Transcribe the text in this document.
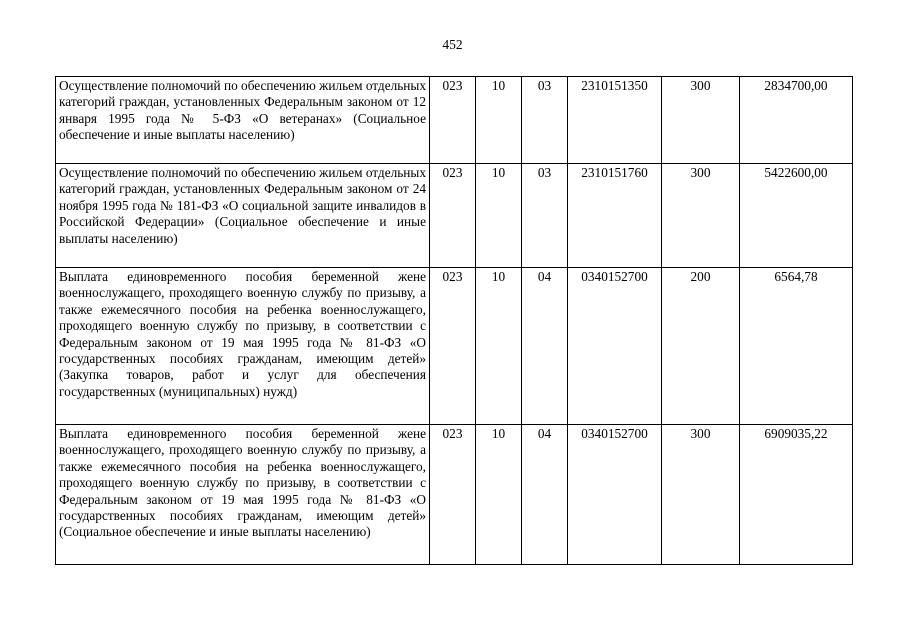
452
Осуществление полномочий по обеспечению жильем отдельных категорий граждан, установленных Федеральным законом от 12 января 1995 года № 5-ФЗ «О ветеранах» (Социальное обеспечение и иные выплаты населению)	023	10	03	2310151350	300	2834700,00
Осуществление полномочий по обеспечению жильем отдельных категорий граждан, установленных Федеральным законом от 24 ноября 1995 года № 181-ФЗ «О социальной защите инвалидов в Российской Федерации» (Социальное обеспечение и иные выплаты населению)	023	10	03	2310151760	300	5422600,00
Выплата единовременного пособия беременной жене военнослужащего, проходящего военную службу по призыву, а также ежемесячного пособия на ребенка военнослужащего, проходящего военную службу по призыву, в соответствии с Федеральным законом от 19 мая 1995 года № 81-ФЗ «О государственных пособиях гражданам, имеющим детей» (Закупка товаров, работ и услуг для обеспечения государственных (муниципальных) нужд)	023	10	04	0340152700	200	6564,78
Выплата единовременного пособия беременной жене военнослужащего, проходящего военную службу по призыву, а также ежемесячного пособия на ребенка военнослужащего, проходящего военную службу по призыву, в соответствии с Федеральным законом от 19 мая 1995 года № 81-ФЗ «О государственных пособиях гражданам, имеющим детей» (Социальное обеспечение и иные выплаты населению)	023	10	04	0340152700	300	6909035,22
